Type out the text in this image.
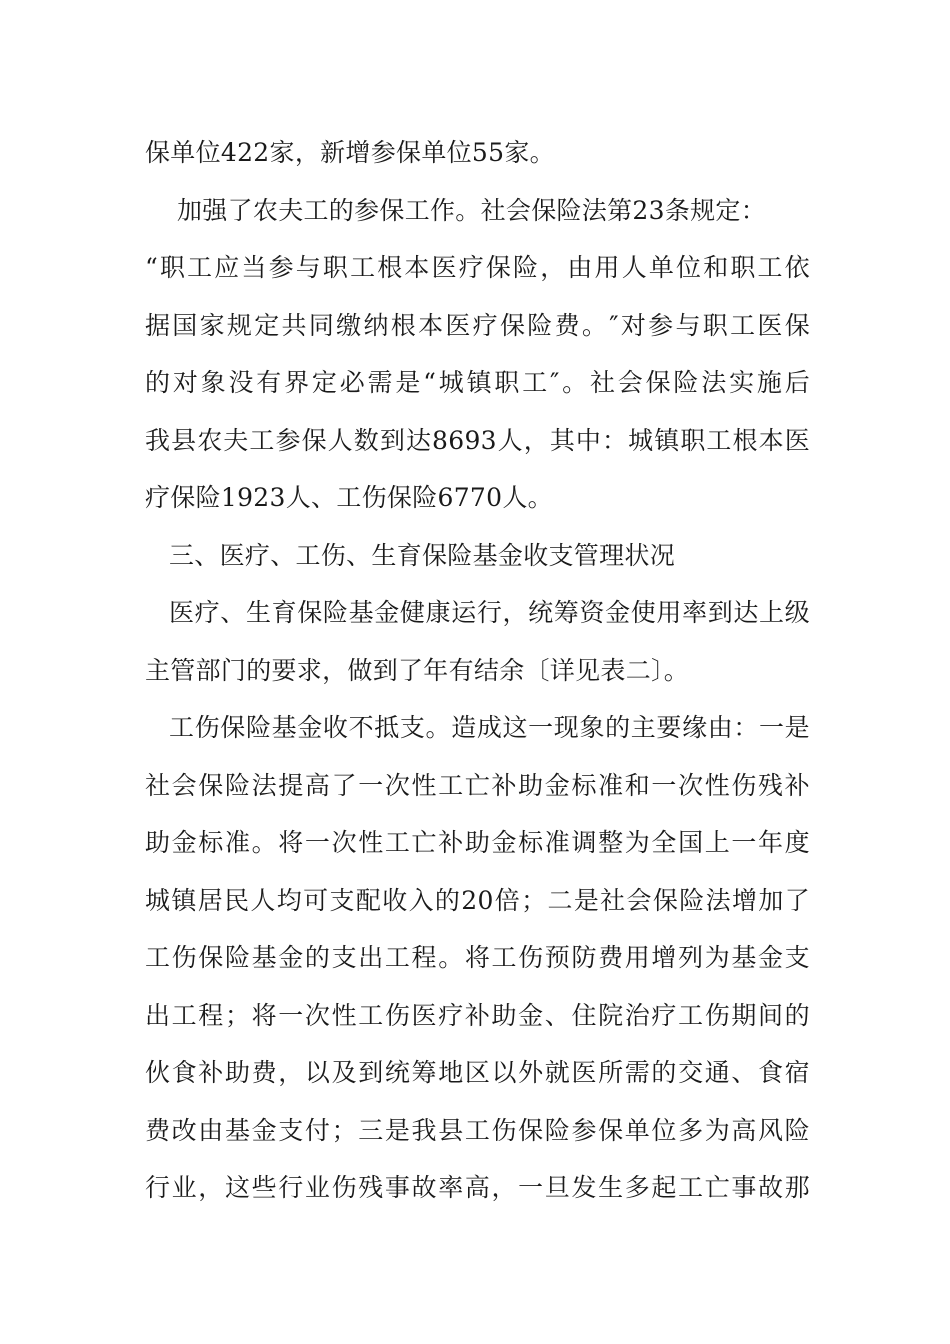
保单位422家，新增参保单位55家。
加强了农夫工的参保工作。社会保险法第23条规定：
“职工应当参与职工根本医疗保险，由用人单位和职工依
据国家规定共同缴纳根本医疗保险费。″对参与职工医保
的对象没有界定必需是“城镇职工″。社会保险法实施后
我县农夫工参保人数到达8693人，其中：城镇职工根本医
疗保险1923人、工伤保险6770人。
三、医疗、工伤、生育保险基金收支管理状况
医疗、生育保险基金健康运行，统筹资金使用率到达上级
主管部门的要求，做到了年有结余〔详见表二〕。
工伤保险基金收不抵支。造成这一现象的主要缘由：一是
社会保险法提高了一次性工亡补助金标准和一次性伤残补
助金标准。将一次性工亡补助金标准调整为全国上一年度
城镇居民人均可支配收入的20倍；二是社会保险法增加了
工伤保险基金的支出工程。将工伤预防费用增列为基金支
出工程；将一次性工伤医疗补助金、住院治疗工伤期间的
伙食补助费，以及到统筹地区以外就医所需的交通、食宿
费改由基金支付；三是我县工伤保险参保单位多为高风险
行业，这些行业伤残事故率高，一旦发生多起工亡事故那
